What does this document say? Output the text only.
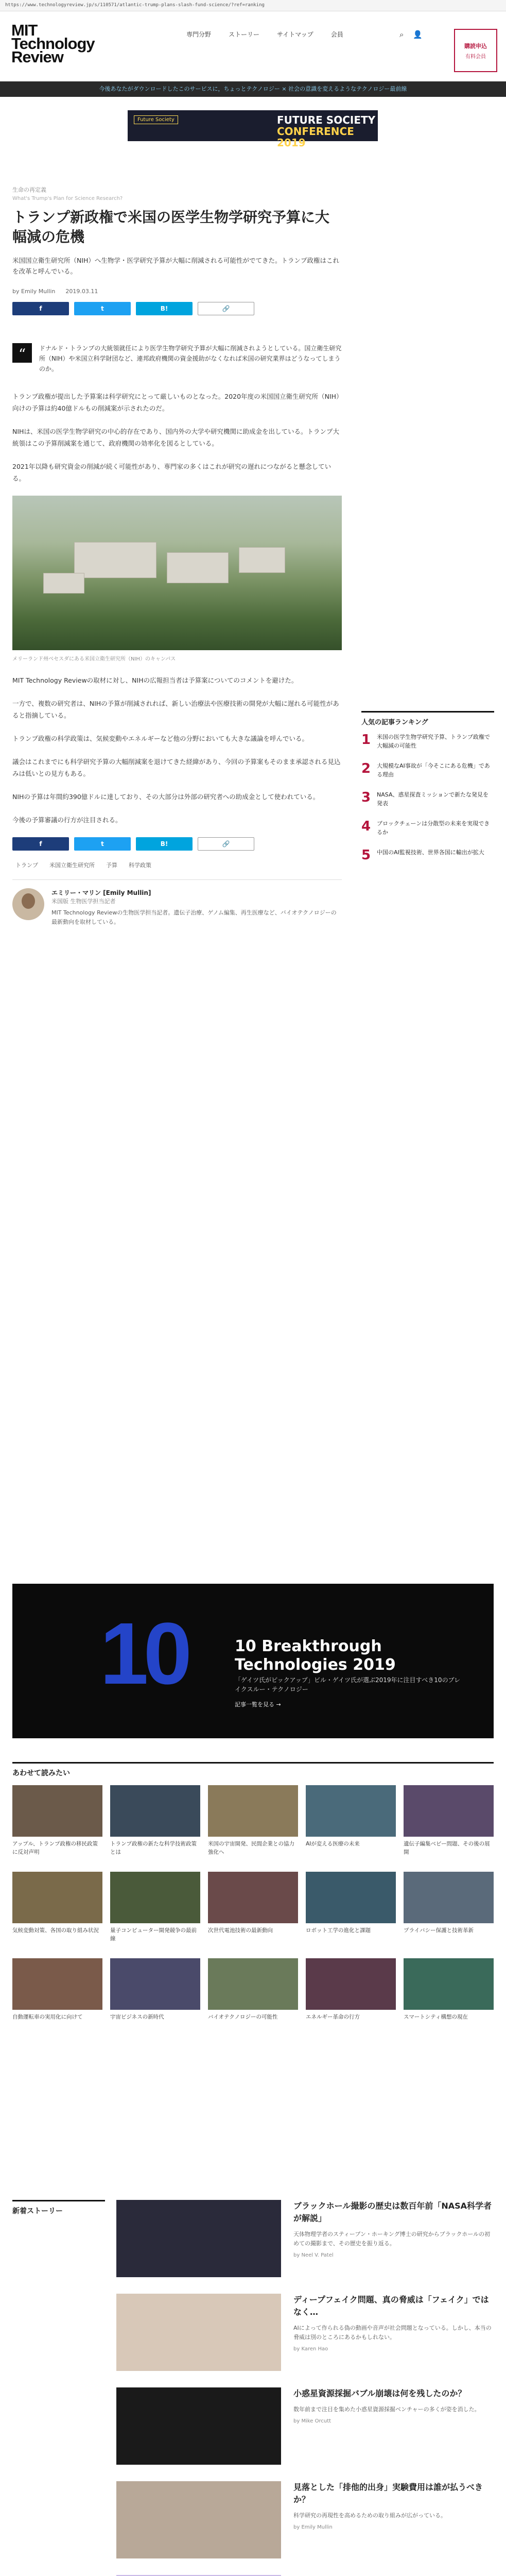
https://www.technologyreview.jp/s/110571/atlantic-trump-plans-slash-fund-science/?ref=ranking
MIT
Technology
Review
専門分野	ストーリー	サイトマップ	会員	⌕ 👤
購読申込
有料会員
今後あなたがダウンロードしたこのサービスに，ちょっとテクノロジー × 社会の意識を変えるようなテクノロジー最前線
Future Society	FUTURE SOCIETY
CONFERENCE 2019
生命の再定義
What's Trump's Plan for Science Research?
トランプ新政権で米国の医学生物学研究予算に大幅減の危機
米国国立衛生研究所（NIH）へ生物学・医学研究予算が大幅に削減される可能性がでてきた。トランプ政権はこれを改革と呼んでいる。
by Emily Mullin 2019.03.11
f	t	B!	🔗
“	ドナルド・トランプの大統領就任により医学生物学研究予算が大幅に削減されようとしている。国立衛生研究所（NIH）や米国立科学財団など、連邦政府機関の資金援助がなくなれば米国の研究業界はどうなってしまうのか。

トランプ政権が提出した予算案は科学研究にとって厳しいものとなった。2020年度の米国国立衛生研究所（NIH）向けの予算は約40億ドルもの削減案が示されたのだ。

NIHは、米国の医学生物学研究の中心的存在であり、国内外の大学や研究機関に助成金を出している。トランプ大統領はこの予算削減案を通じて、政府機関の効率化を図るとしている。

2021年以降も研究資金の削減が続く可能性があり、専門家の多くはこれが研究の遅れにつながると懸念している。

メリーランド州ベセスダにある米国立衛生研究所（NIH）のキャンパス

MIT Technology Reviewの取材に対し、NIHの広報担当者は予算案についてのコメントを避けた。

一方で、複数の研究者は、NIHの予算が削減されれば、新しい治療法や医療技術の開発が大幅に遅れる可能性があると指摘している。

トランプ政権の科学政策は、気候変動やエネルギーなど他の分野においても大きな議論を呼んでいる。

議会はこれまでにも科学研究予算の大幅削減案を退けてきた経緯があり、今回の予算案もそのまま承認される見込みは低いとの見方もある。

NIHの予算は年間約390億ドルに達しており、その大部分は外部の研究者への助成金として使われている。

今後の予算審議の行方が注目される。

f	t	B!	🔗
トランプ	米国立衛生研究所	予算	科学政策
エミリー・マリン [Emily Mullin]
米国版 生物医学担当記者
MIT Technology Reviewの生物医学担当記者。遺伝子治療、ゲノム編集、再生医療など、バイオテクノロジーの最新動向を取材している。
人気の記事ランキング
1 米国の医学生物学研究予算、トランプ政権で大幅減の可能性
2 大規模なAI事故が「今そこにある危機」である理由
3 NASA、惑星探査ミッションで新たな発見を発表
4 ブロックチェーンは分散型の未来を実現できるか
5 中国のAI監視技術、世界各国に輸出が拡大
10	10 Breakthrough Technologies 2019
「ゲイツ氏がピックアップ」ビル・ゲイツ氏が選ぶ2019年に注目すべき10のブレイクスルー・テクノロジー
記事一覧を見る →
あわせて読みたい
アップル、トランプ政権の移民政策に反対声明
トランプ政権の新たな科学技術政策とは
米国の宇宙開発、民間企業との協力強化へ
AIが変える医療の未来	遺伝子編集ベビー問題、その後の展開
気候変動対策、各国の取り組み状況	量子コンピューター開発競争の最前線
次世代電池技術の最新動向	ロボット工学の進化と課題	プライバシー保護と技術革新
自動運転車の実用化に向けて	宇宙ビジネスの新時代	バイオテクノロジーの可能性	エネルギー革命の行方	スマートシティ構想の現在
新着ストーリー
ブラックホール撮影の歴史は数百年前「NASA科学者が解説」
天体物理学者のスティーブン・ホーキング博士の研究からブラックホールの初めての撮影まで、その歴史を振り返る。
by Neel V. Patel
ディープフェイク問題、真の脅威は「フェイク」ではなく…
AIによって作られる偽の動画や音声が社会問題となっている。しかし、本当の脅威は別のところにあるかもしれない。
by Karen Hao
小惑星資源採掘バブル崩壊は何を残したのか？
数年前まで注目を集めた小惑星資源採掘ベンチャーの多くが姿を消した。
by Mike Orcutt
見落とした「排他的出身」実験費用は誰が払うべきか？
科学研究の再現性を高めるための取り組みが広がっている。
by Emily Mullin
